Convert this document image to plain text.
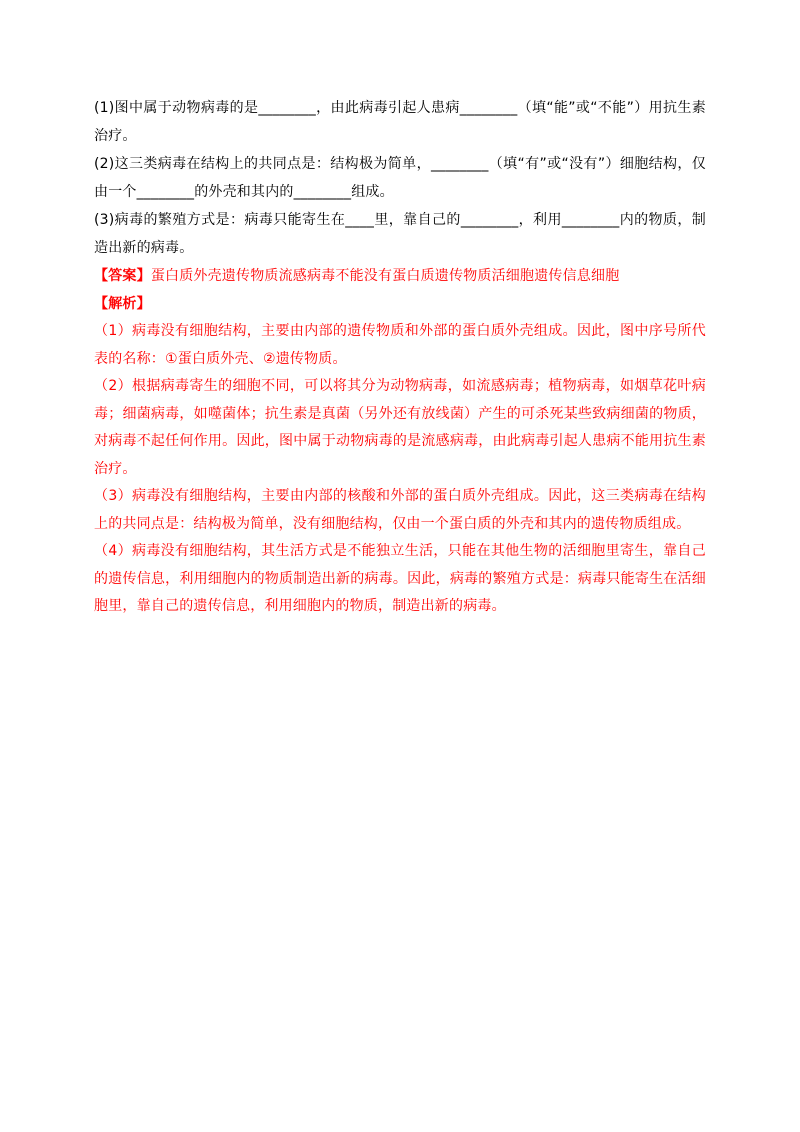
(1)图中属于动物病毒的是________，由此病毒引起人患病________（填“能”或“不能”）用抗生素治疗。

(2)这三类病毒在结构上的共同点是：结构极为简单，________（填“有”或“没有”）细胞结构，仅由一个________的外壳和其内的________组成。

(3)病毒的繁殖方式是：病毒只能寄生在____里，靠自己的________，利用________内的物质，制造出新的病毒。

【答案】蛋白质外壳遗传物质流感病毒不能没有蛋白质遗传物质活细胞遗传信息细胞

【解析】

（1）病毒没有细胞结构，主要由内部的遗传物质和外部的蛋白质外壳组成。因此，图中序号所代表的名称：①蛋白质外壳、②遗传物质。

（2）根据病毒寄生的细胞不同，可以将其分为动物病毒，如流感病毒；植物病毒，如烟草花叶病毒；细菌病毒，如噬菌体；抗生素是真菌（另外还有放线菌）产生的可杀死某些致病细菌的物质，对病毒不起任何作用。因此，图中属于动物病毒的是流感病毒，由此病毒引起人患病不能用抗生素治疗。

（3）病毒没有细胞结构，主要由内部的核酸和外部的蛋白质外壳组成。因此，这三类病毒在结构上的共同点是：结构极为简单，没有细胞结构，仅由一个蛋白质的外壳和其内的遗传物质组成。

（4）病毒没有细胞结构，其生活方式是不能独立生活，只能在其他生物的活细胞里寄生，靠自己的遗传信息，利用细胞内的物质制造出新的病毒。因此，病毒的繁殖方式是：病毒只能寄生在活细胞里，靠自己的遗传信息，利用细胞内的物质，制造出新的病毒。
